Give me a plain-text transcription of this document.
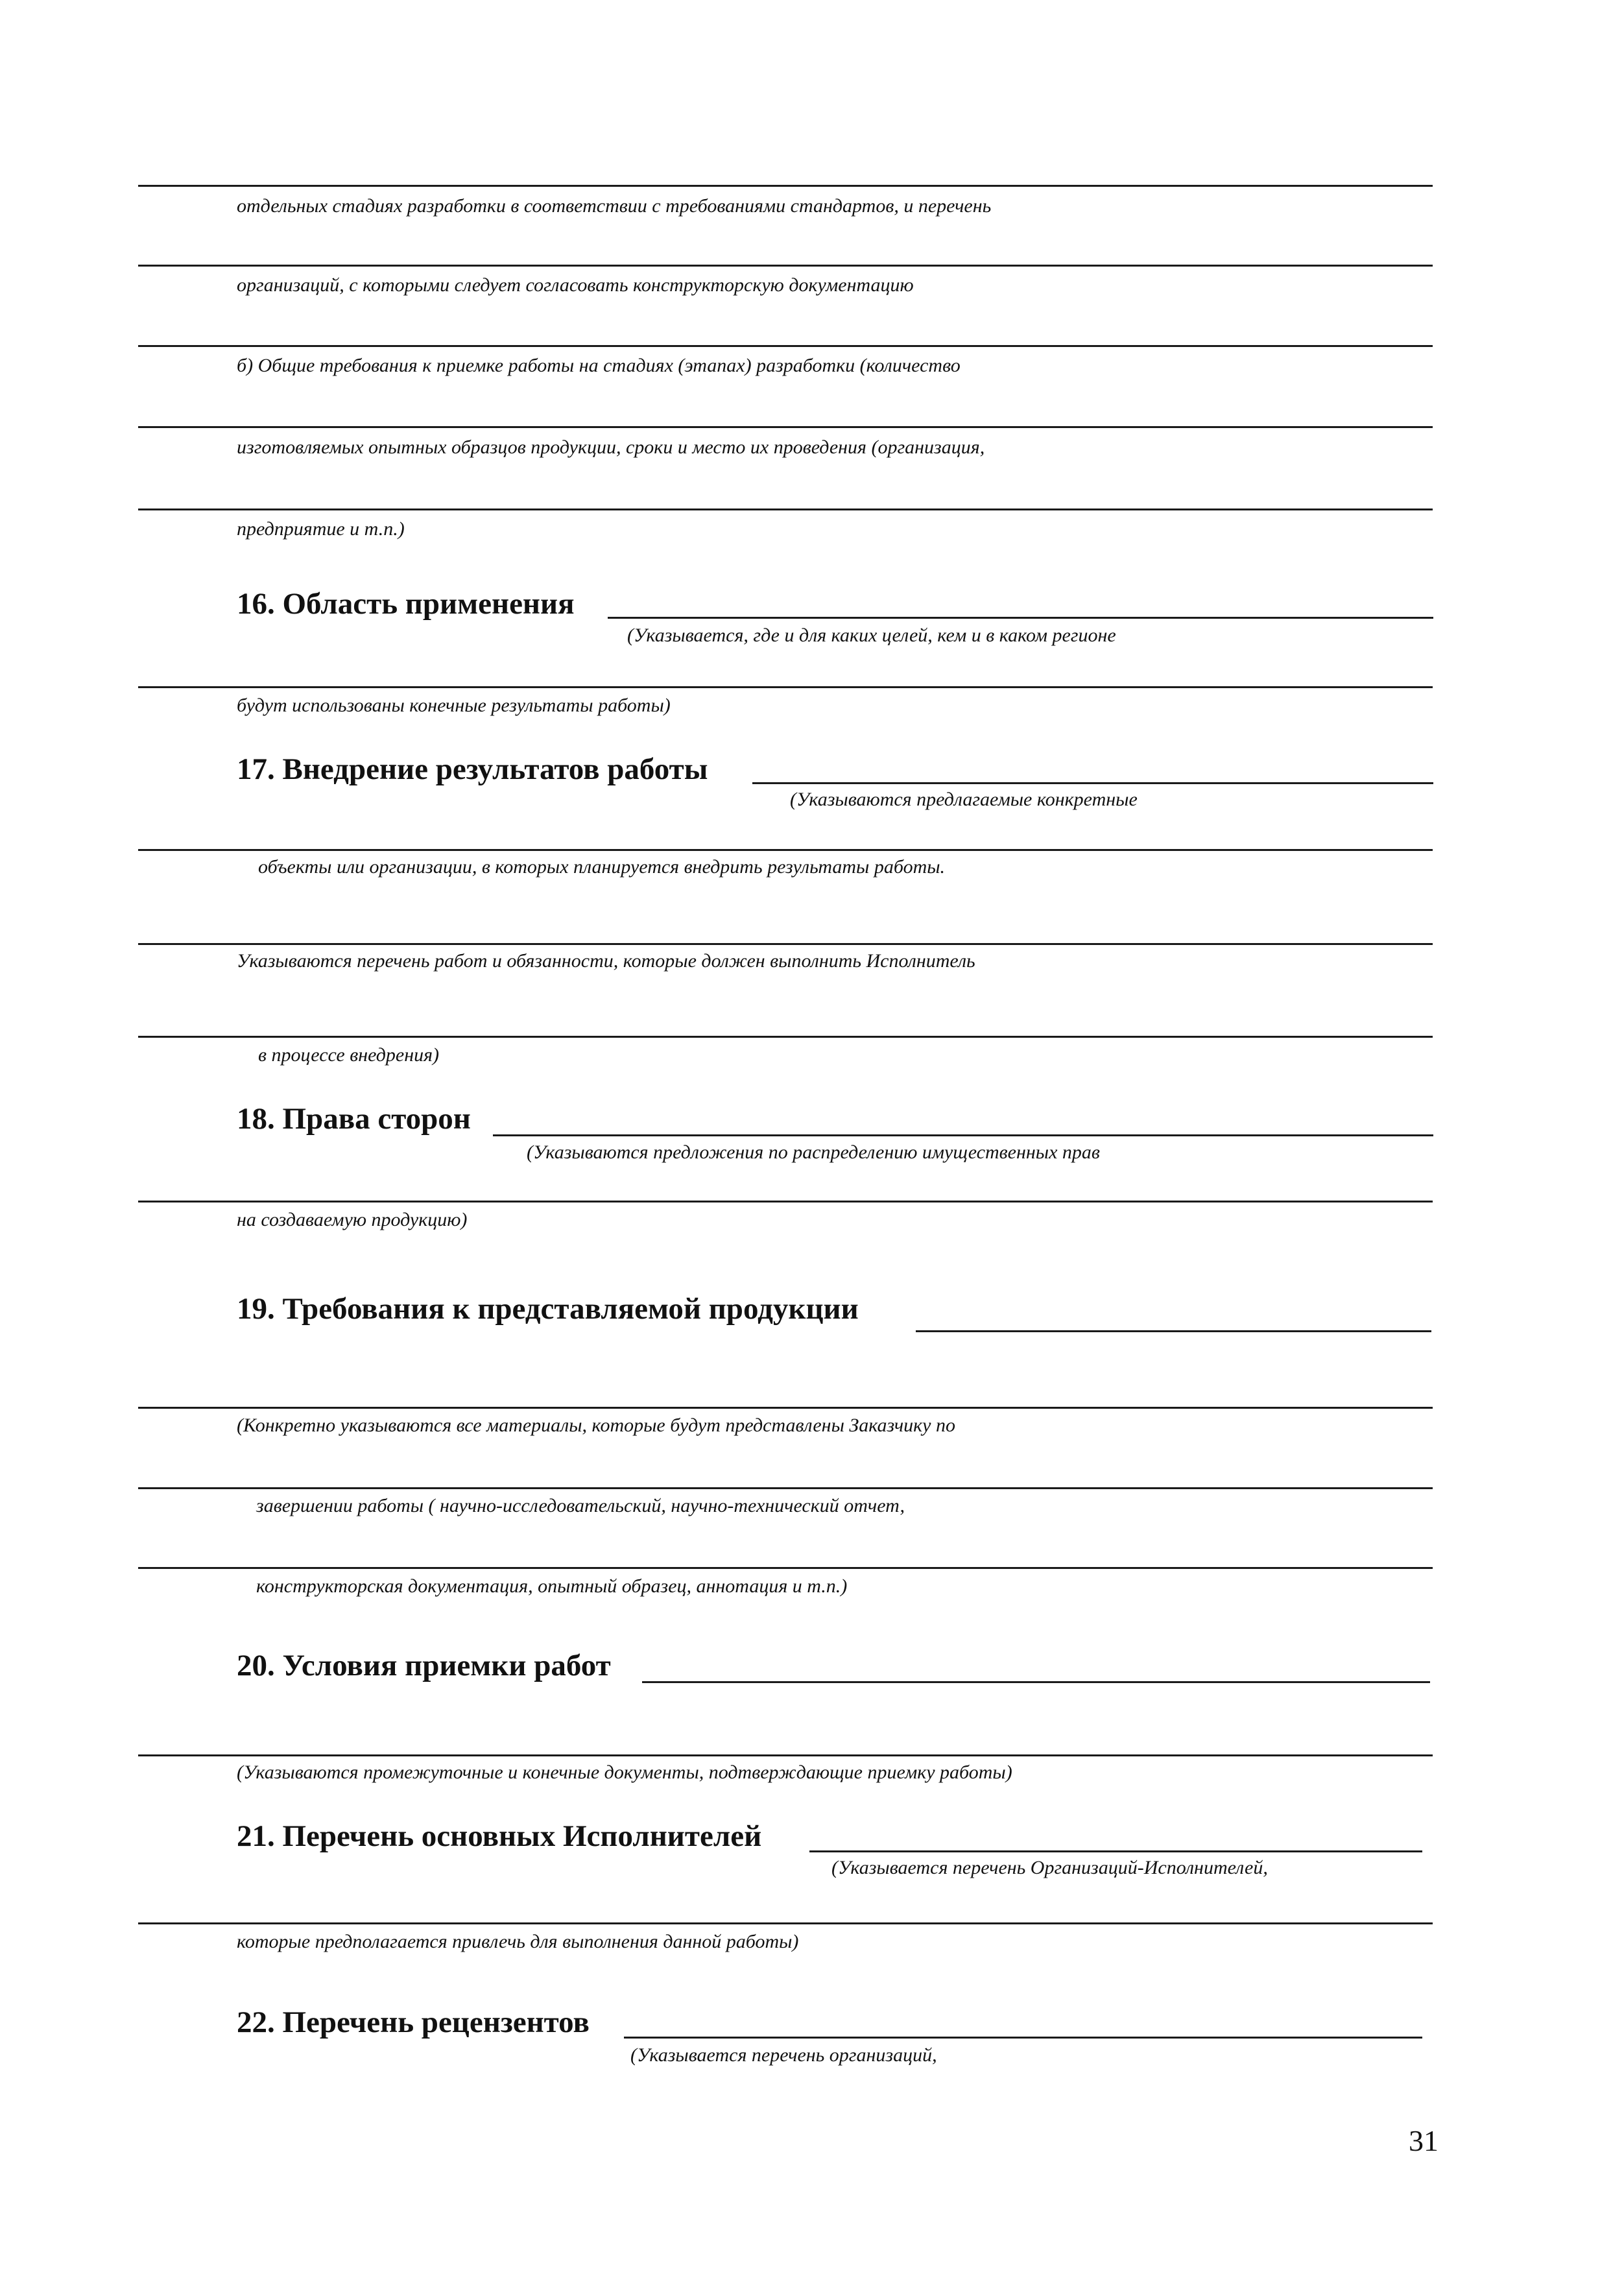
отдельных стадиях разработки в соответствии с требованиями стандартов, и перечень
организаций, с которыми следует согласовать конструкторскую документацию
б) Общие требования к приемке работы на стадиях (этапах) разработки (количество
изготовляемых опытных образцов продукции, сроки и место их проведения (организация,
предприятие и т.п.)
16. Область применения
(Указывается, где и для каких целей, кем и в каком регионе
будут использованы конечные результаты работы)
17. Внедрение результатов работы
(Указываются предлагаемые конкретные
объекты или организации, в которых планируется внедрить результаты работы.
Указываются перечень работ и обязанности, которые должен выполнить Исполнитель
в процессе внедрения)
18. Права сторон
(Указываются предложения по распределению имущественных прав
на создаваемую продукцию)
19. Требования к представляемой продукции
(Конкретно указываются все материалы, которые будут представлены Заказчику по
завершении работы ( научно-исследовательский, научно-технический отчет,
конструкторская документация, опытный образец, аннотация и т.п.)
20. Условия приемки работ
(Указываются промежуточные и конечные документы, подтверждающие приемку работы)
21. Перечень основных Исполнителей
(Указывается перечень Организаций-Исполнителей,
которые предполагается привлечь для выполнения данной работы)
22. Перечень рецензентов
(Указывается перечень организаций,
31
